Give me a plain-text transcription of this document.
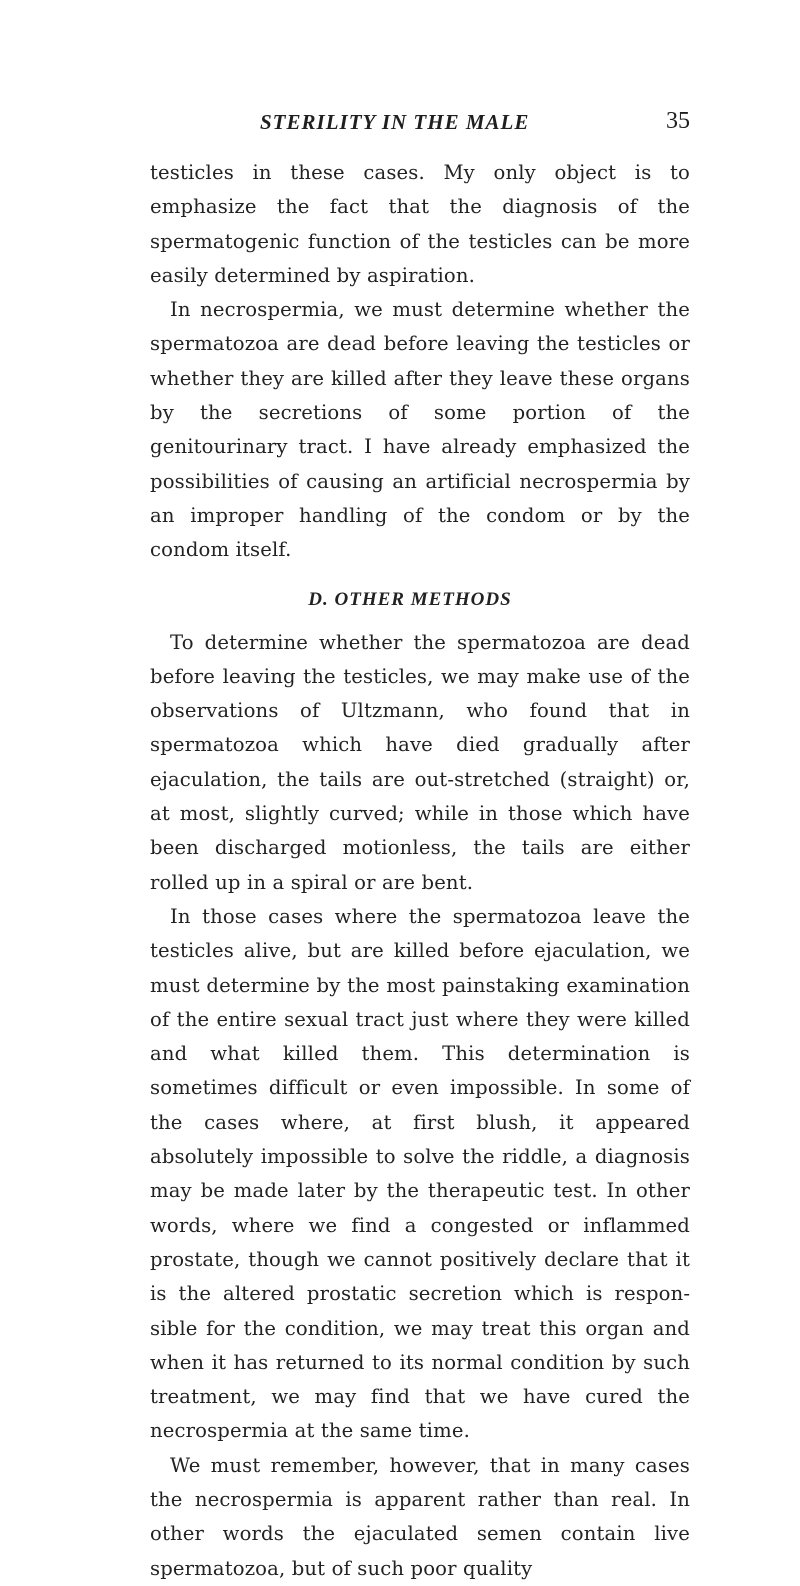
STERILITY IN THE MALE	35

testicles in these cases. My only object is to emphasize the fact that the diagnosis of the spermatogenic function of the testicles can be more easily determined by aspiration.

In necrospermia, we must determine whether the spermatozoa are dead before leaving the testicles or whether they are killed after they leave these organs by the secretions of some portion of the genitourinary tract. I have already emphasized the possibilities of causing an artificial necrospermia by an improper handling of the condom or by the condom itself.

D. OTHER METHODS

To determine whether the spermatozoa are dead before leaving the testicles, we may make use of the observations of Ultzmann, who found that in spermatozoa which have died gradually after ejaculation, the tails are out-stretched (straight) or, at most, slightly curved; while in those which have been discharged motionless, the tails are either rolled up in a spiral or are bent.

In those cases where the spermatozoa leave the testicles alive, but are killed before ejaculation, we must determine by the most painstaking examination of the entire sexual tract just where they were killed and what killed them. This determination is sometimes difficult or even impossible. In some of the cases where, at first blush, it appeared absolutely impossible to solve the riddle, a diagnosis may be made later by the therapeutic test. In other words, where we find a congested or inflammed prostate, though we cannot positively declare that it is the altered prostatic secretion which is responsible for the condition, we may treat this organ and when it has returned to its normal condition by such treatment, we may find that we have cured the necrospermia at the same time.

We must remember, however, that in many cases the necrospermia is apparent rather than real. In other words the ejaculated semen contain live spermatozoa, but of such poor quality
